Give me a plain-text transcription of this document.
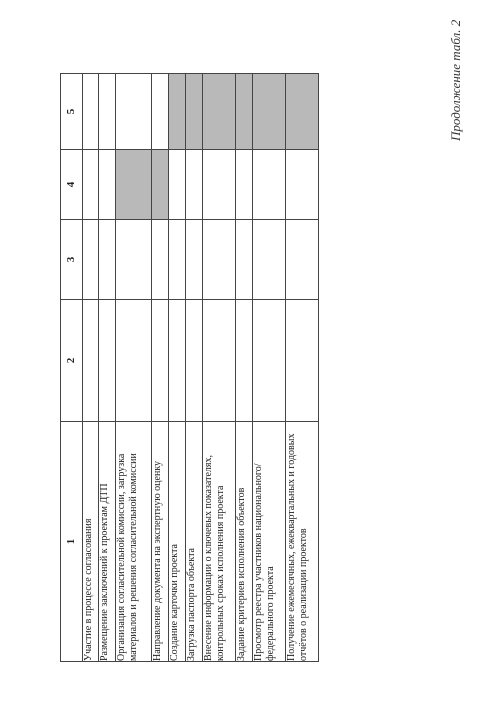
Продолжение табл. 2
1	2	3	4	5
Участие в процессе согласования				
Размещение заключений к проектам ДТП				
Организация согласительной комиссии, загрузка материалов и решения согласительной комиссии				
Направление документа на экспертную оценку				
Создание карточки проекта				
Загрузка паспорта объекта				
Внесение информации о ключевых показателях, контрольных сроках исполнения проекта				
Задание критериев исполнения объектов				
Просмотр реестра участников национального/федерального проекта				
Получение ежемесячных, ежеквартальных и годовых отчётов о реализации проектов				
